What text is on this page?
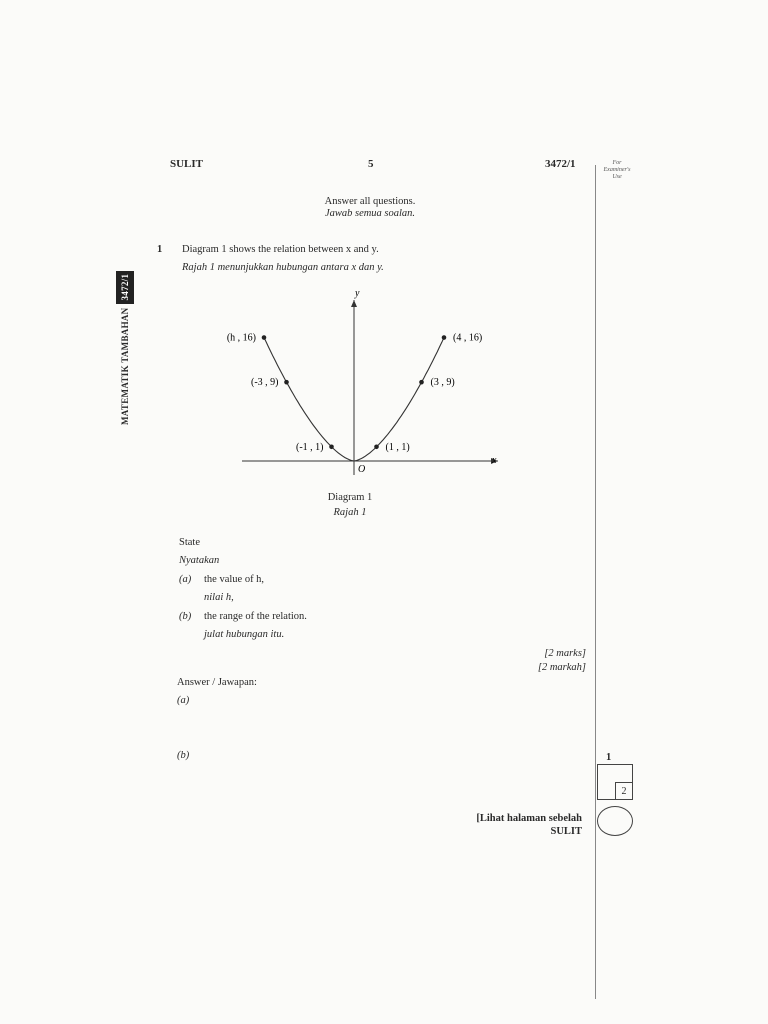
SULIT	5	3472/1	For Examiner's Use
MATEMATIK TAMBAHAN
3472/1
Answer all questions.
Jawab semua soalan.
1 Diagram 1 shows the relation between x and y.
Rajah 1 menunjukkan hubungan antara x dan y.
x
y
O
(h , 16)
(-3 , 9)
(-1 , 1)	(1 , 1)
(3 , 9)
(4 , 16)
Diagram 1
Rajah 1
State
Nyatakan
(a) the value of h,
nilai h,
(b) the range of the relation.
julat hubungan itu.
[2 marks]
[2 markah]
Answer / Jawapan:
(a)
(b)	1
2
[Lihat halaman sebelah
SULIT
